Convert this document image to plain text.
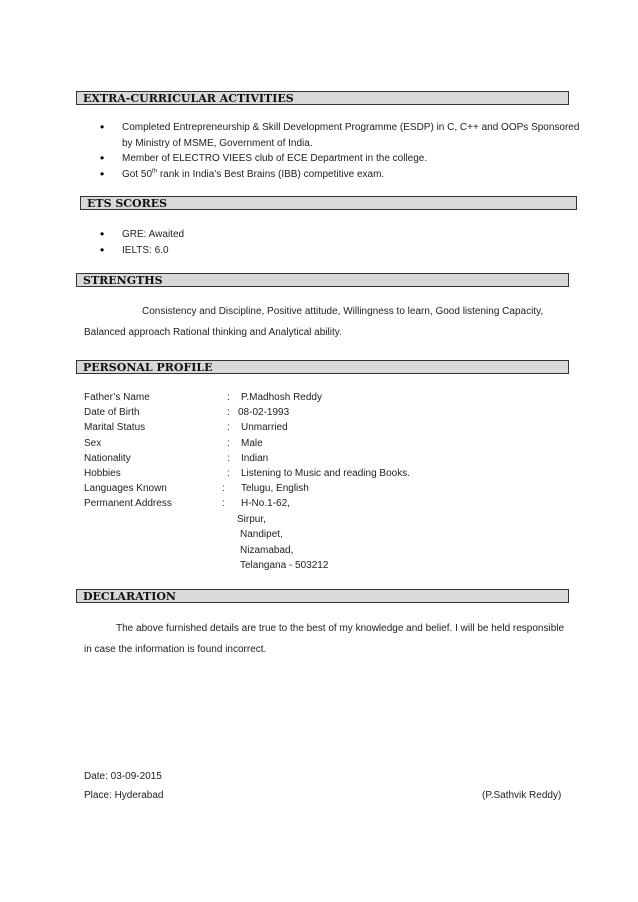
EXTRA-CURRICULAR ACTIVITIES
• Completed Entrepreneurship & Skill Development Programme (ESDP) in C, C++ and OOPs Sponsored
by Ministry of MSME, Government of India.
• Member of ELECTRO VIEES club of ECE Department in the college.
• Got 50th rank in India’s Best Brains (IBB) competitive exam.
ETS SCORES
• GRE: Awaited
• IELTS: 6.0
STRENGTHS
Consistency and Discipline, Positive attitude, Willingness to learn, Good listening Capacity,
Balanced approach Rational thinking and Analytical ability.
PERSONAL PROFILE
Father’s Name	: P.Madhosh Reddy
Date of Birth	: 08-02-1993
Marital Status	: Unmarried
Sex	: Male
Nationality	: Indian
Hobbies	: Listening to Music and reading Books.
Languages Known	: Telugu, English
Permanent Address	: H-No.1-62,
Sirpur,
Nandipet,
Nizamabad,
Telangana - 503212
DECLARATION
The above furnished details are true to the best of my knowledge and belief. I will be held responsible
in case the information is found incorrect.
Date: 03-09-2015
Place: Hyderabad	(P.Sathvik Reddy)
